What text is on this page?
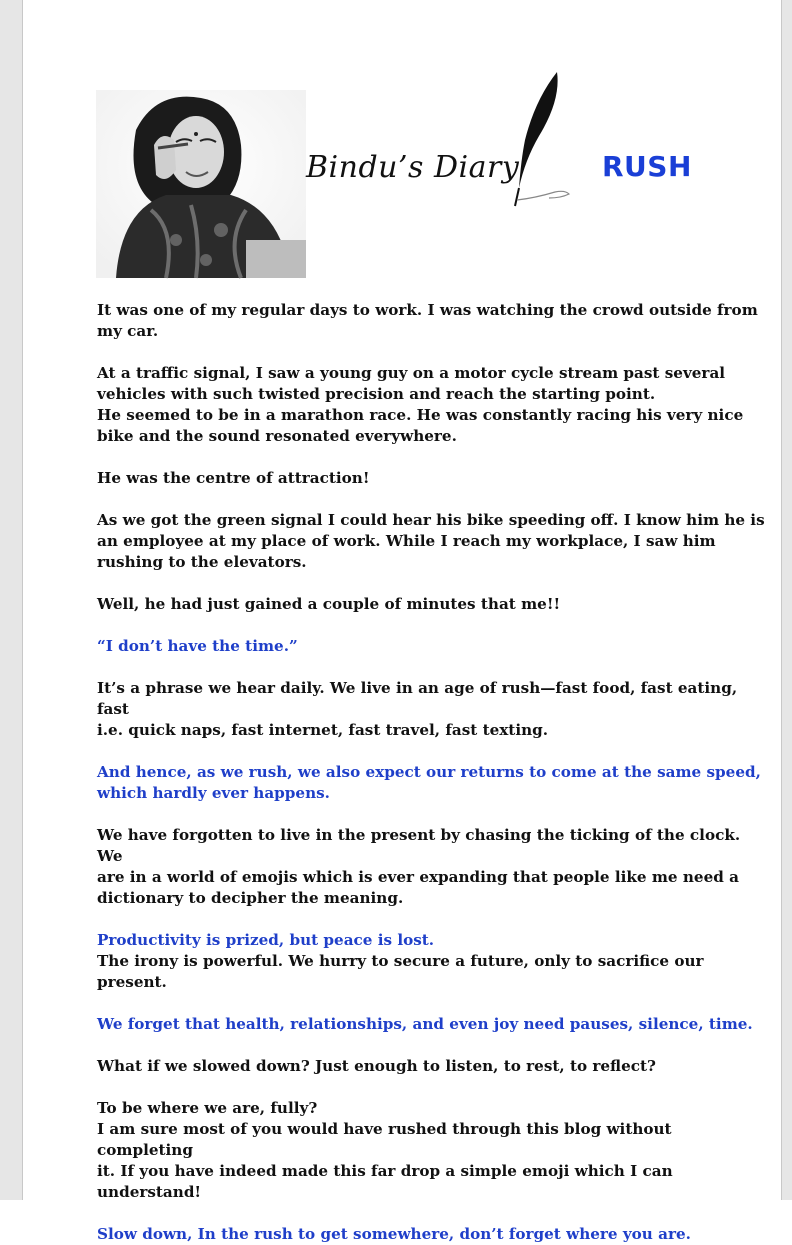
Bindu’s Diary	RUSH

It was one of my regular days to work. I was watching the crowd outside from
my car.

At a traffic signal, I saw a young guy on a motor cycle stream past several
vehicles with such twisted precision and reach the starting point.
He seemed to be in a marathon race. He was constantly racing his very nice
bike and the sound resonated everywhere.

He was the centre of attraction!

As we got the green signal I could hear his bike speeding off. I know him he is
an employee at my place of work. While I reach my workplace, I saw him
rushing to the elevators.

Well, he had just gained a couple of minutes that me!!

“I don’t have the time.”

It’s a phrase we hear daily. We live in an age of rush—fast food, fast eating, fast
i.e. quick naps, fast internet, fast travel, fast texting.

And hence, as we rush, we also expect our returns to come at the same speed,
which hardly ever happens.

We have forgotten to live in the present by chasing the ticking of the clock. We
are in a world of emojis which is ever expanding that people like me need a
dictionary to decipher the meaning.

Productivity is prized, but peace is lost.

The irony is powerful. We hurry to secure a future, only to sacrifice our present.

We forget that health, relationships, and even joy need pauses, silence, time.

What if we slowed down? Just enough to listen, to rest, to reflect?

To be where we are, fully?
I am sure most of you would have rushed through this blog without completing
it. If you have indeed made this far drop a simple emoji which I can understand!

Slow down, In the rush to get somewhere, don’t forget where you are.
